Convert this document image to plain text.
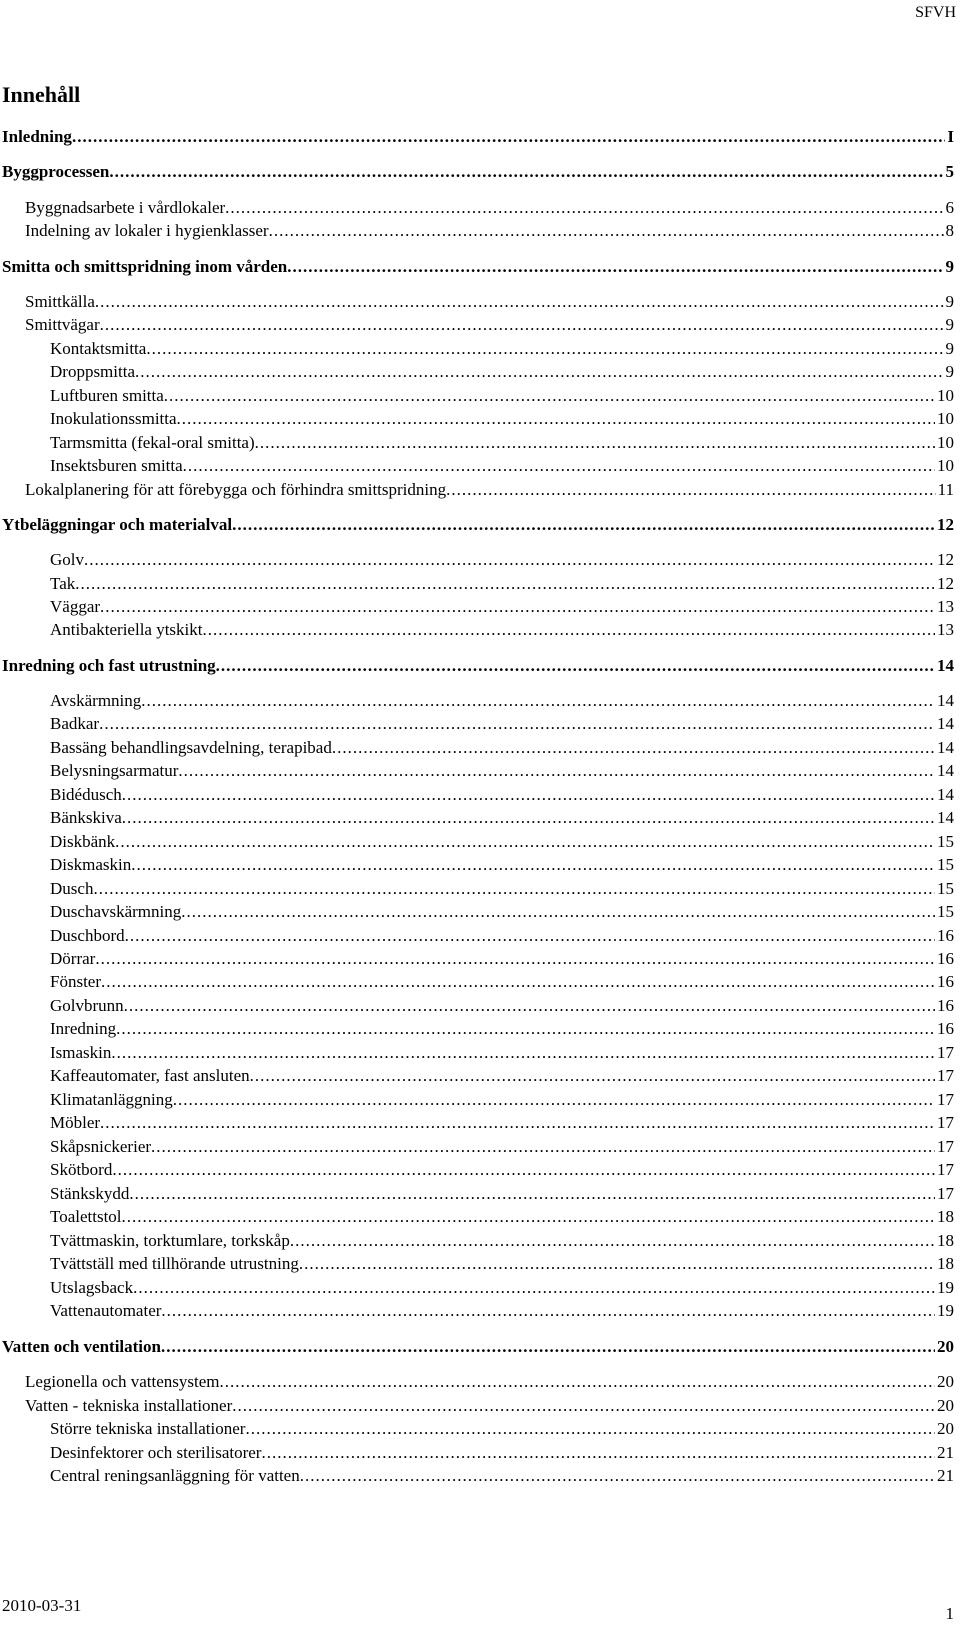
SFVH
Innehåll
Inledning .....	I
Byggprocessen .....	5
Byggnadsarbete i vårdlokaler .....	6
Indelning av lokaler i hygienklasser .....	8
Smitta och smittspridning inom vården .....	9
Smittkälla .....	9
Smittvägar .....	9
Kontaktsmitta .....	9
Droppsmitta .....	9
Luftburen smitta .....	10
Inokulationssmitta .....	10
Tarmsmitta (fekal-oral smitta) .....	10
Insektsburen smitta .....	10
Lokalplanering för att förebygga och förhindra smittspridning .....	11
Ytbeläggningar och materialval .....	12
Golv .....	12
Tak .....	12
Väggar .....	13
Antibakteriella ytskikt .....	13
Inredning och fast utrustning .....	14
Avskärmning .....	14
Badkar .....	14
Bassäng behandlingsavdelning, terapibad .....	14
Belysningsarmatur .....	14
Bidédusch .....	14
Bänkskiva .....	14
Diskbänk .....	15
Diskmaskin .....	15
Dusch .....	15
Duschavskärmning .....	15
Duschbord .....	16
Dörrar .....	16
Fönster .....	16
Golvbrunn .....	16
Inredning .....	16
Ismaskin .....	17
Kaffeautomater, fast ansluten .....	17
Klimatanläggning .....	17
Möbler .....	17
Skåpsnickerier .....	17
Skötbord .....	17
Stänkskydd .....	17
Toalettstol .....	18
Tvättmaskin, torktumlare, torkskåp .....	18
Tvättställ med tillhörande utrustning .....	18
Utslagsback .....	19
Vattenautomater .....	19
Vatten och ventilation .....	20
Legionella och vattensystem .....	20
Vatten - tekniska installationer .....	20
Större tekniska installationer .....	20
Desinfektorer och sterilisatorer .....	21
Central reningsanläggning för vatten .....	21
2010-03-31	1
